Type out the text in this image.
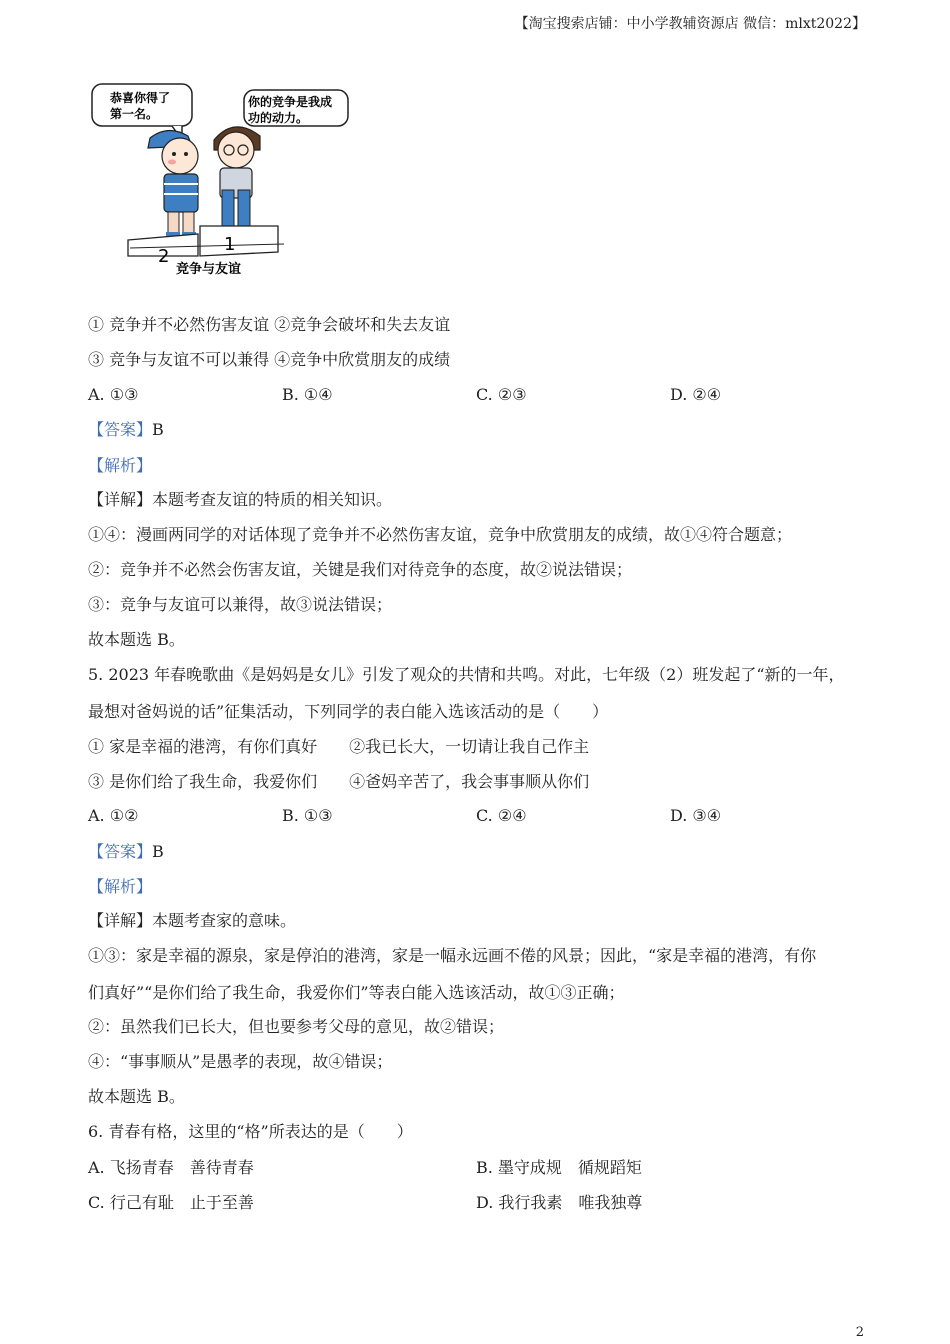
【淘宝搜索店铺：中小学教辅资源店 微信：mlxt2022】
恭喜你得了
第一名。
你的竞争是我成
功的动力。
2
1
竞争与友谊
① 竞争并不必然伤害友谊 ②竞争会破坏和失去友谊
③ 竞争与友谊不可以兼得 ④竞争中欣赏朋友的成绩
A. ①③	B. ①④	C. ②③	D. ②④
【答案】B
【解析】
【详解】本题考查友谊的特质的相关知识。
①④：漫画两同学的对话体现了竞争并不必然伤害友谊，竞争中欣赏朋友的成绩，故①④符合题意；
②：竞争并不必然会伤害友谊，关键是我们对待竞争的态度，故②说法错误；
③：竞争与友谊可以兼得，故③说法错误；
故本题选 B。
5. 2023 年春晚歌曲《是妈妈是女儿》引发了观众的共情和共鸣。对此，七年级（2）班发起了“新的一年，
最想对爸妈说的话”征集活动，下列同学的表白能入选该活动的是（　　）
① 家是幸福的港湾，有你们真好　　②我已长大，一切请让我自己作主
③ 是你们给了我生命，我爱你们　　④爸妈辛苦了，我会事事顺从你们
A. ①②	B. ①③	C. ②④	D. ③④
【答案】B
【解析】
【详解】本题考查家的意味。
①③：家是幸福的源泉，家是停泊的港湾，家是一幅永远画不倦的风景；因此，“家是幸福的港湾，有你
们真好”“是你们给了我生命，我爱你们”等表白能入选该活动，故①③正确；
②：虽然我们已长大，但也要参考父母的意见，故②错误；
④：“事事顺从”是愚孝的表现，故④错误；
故本题选 B。
6. 青春有格，这里的“格”所表达的是（　　）
A. 飞扬青春　善待青春	B. 墨守成规　循规蹈矩
C. 行己有耻　止于至善	D. 我行我素　唯我独尊
2
